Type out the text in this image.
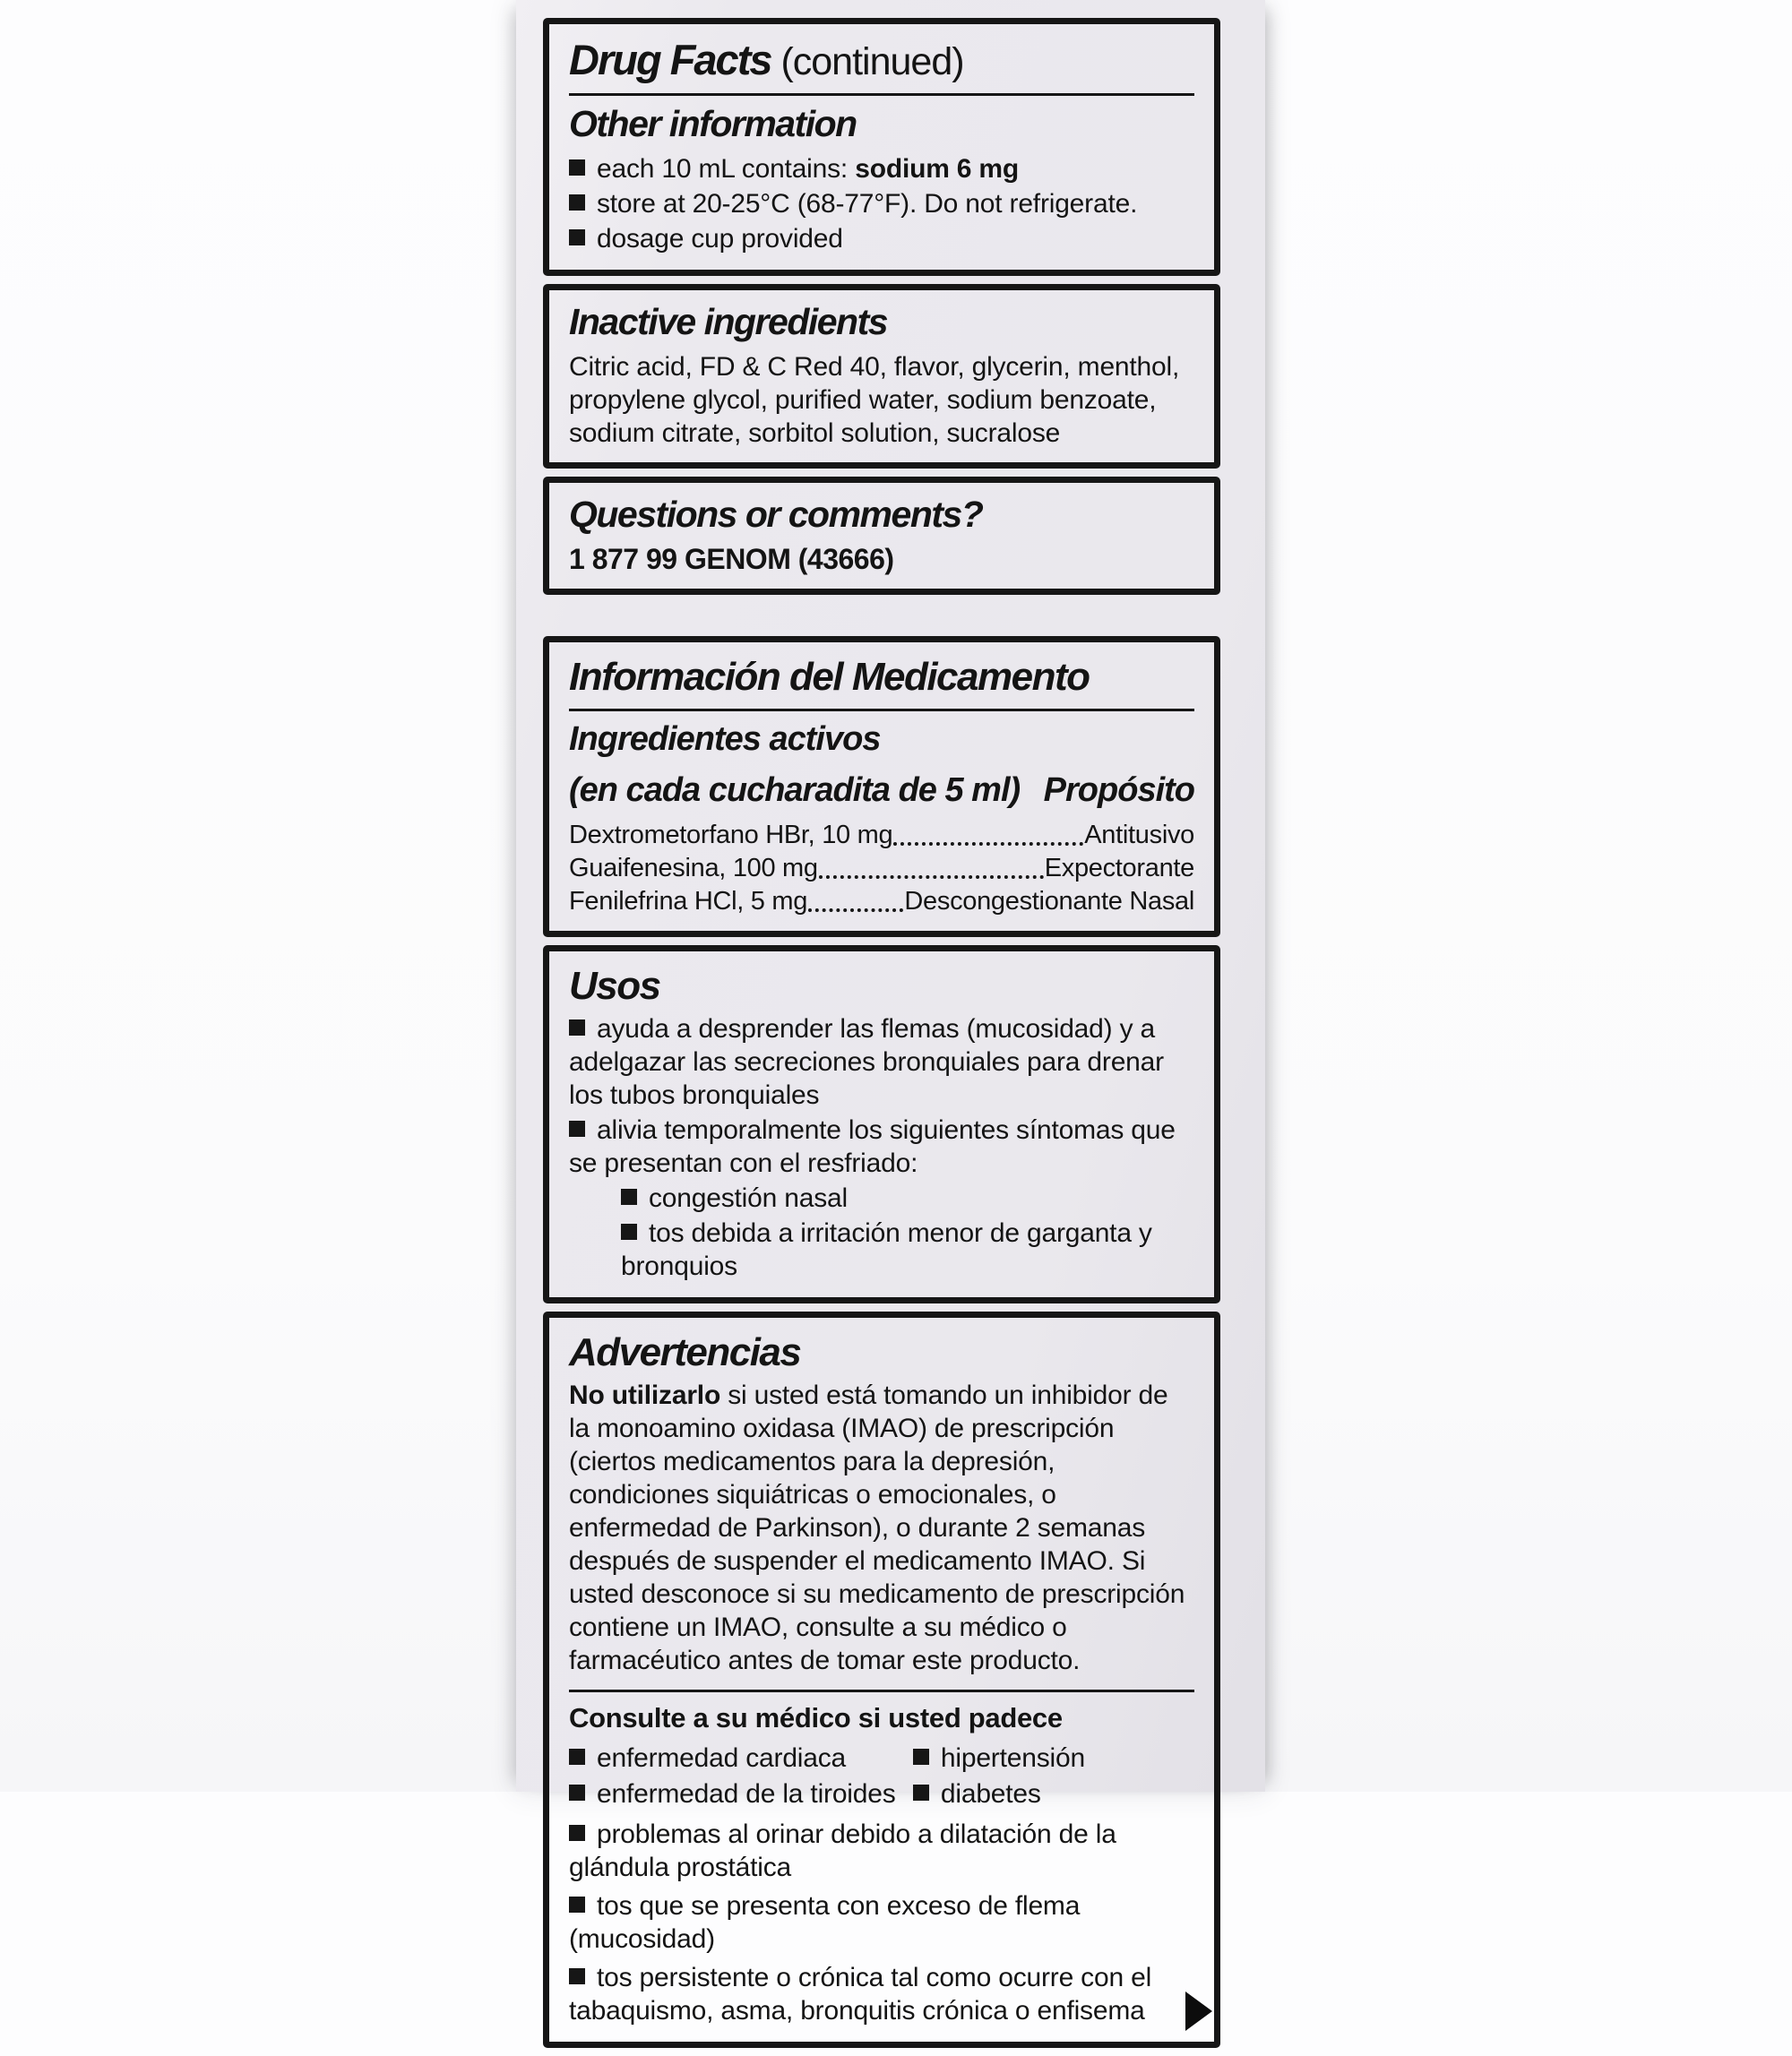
Drug Facts (continued)
Other information

each 10 mL contains: sodium 6 mg

store at 20-25°C (68-77°F). Do not refrigerate.

dosage cup provided

Inactive ingredients

Citric acid, FD & C Red 40, flavor, glycerin, menthol, propylene glycol, purified water, sodium benzoate, sodium citrate, sorbitol solution, sucralose

Questions or comments?

1 877 99 GENOM (43666)

Información del Medicamento
Ingredientes activos
(en cada cucharadita de 5 ml) Propósito
Dextrometorfano HBr, 10 mg	Antitusivo
Guaifenesina, 100 mg	Expectorante
Fenilefrina HCl, 5 mg	Descongestionante Nasal
Usos

ayuda a desprender las flemas (mucosidad) y a adelgazar las secreciones bronquiales para drenar los tubos bronquiales

alivia temporalmente los siguientes síntomas que se presentan con el resfriado:

congestión nasal

tos debida a irritación menor de garganta y bronquios

Advertencias

No utilizarlo si usted está tomando un inhibidor de la monoamino oxidasa (IMAO) de prescripción (ciertos medicamentos para la depresión, condiciones siquiátricas o emocionales, o enfermedad de Parkinson), o durante 2 semanas después de suspender el medicamento IMAO. Si usted desconoce si su medicamento de prescripción contiene un IMAO, consulte a su médico o farmacéutico antes de tomar este producto.

Consulte a su médico si usted padece

enfermedad cardiaca	hipertensión
enfermedad de la tiroides	diabetes

problemas al orinar debido a dilatación de la glándula prostática

tos que se presenta con exceso de flema (mucosidad)

tos persistente o crónica tal como ocurre con el tabaquismo, asma, bronquitis crónica o enfisema
